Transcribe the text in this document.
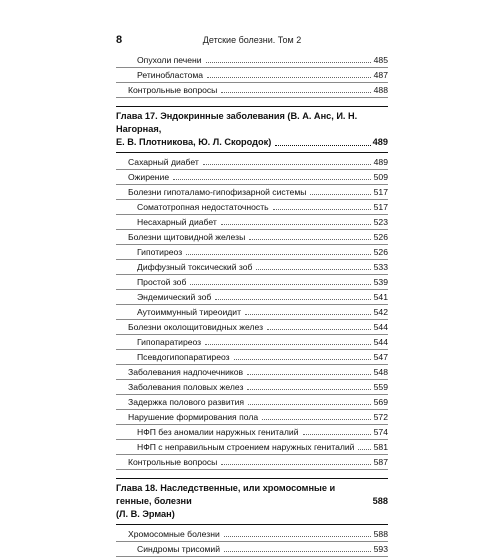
8	Детские болезни. Том 2
Опухоли печени	485
Ретинобластома	487
Контрольные вопросы	488
Глава 17. Эндокринные заболевания (В. А. Анс, И. Н. Нагорная,
Е. В. Плотникова, Ю. Л. Скородок)	489
Сахарный диабет	489
Ожирение	509
Болезни гипоталамо-гипофизарной системы	517
Соматотропная недостаточность	517
Несахарный диабет	523
Болезни щитовидной железы	526
Гипотиреоз	526
Диффузный токсический зоб	533
Простой зоб	539
Эндемический зоб	541
Аутоиммунный тиреоидит	542
Болезни околощитовидных желез	544
Гипопаратиреоз	544
Псевдогипопаратиреоз	547
Заболевания надпочечников	548
Заболевания половых желез	559
Задержка полового развития	569
Нарушение формирования пола	572
НФП без аномалии наружных гениталий	574
НФП с неправильным строением наружных гениталий 581
Контрольные вопросы	587
Глава 18. Наследственные, или хромосомные и генные, болезни	588
(Л. В. Эрман)
Хромосомные болезни	588
Синдромы трисомий	593
